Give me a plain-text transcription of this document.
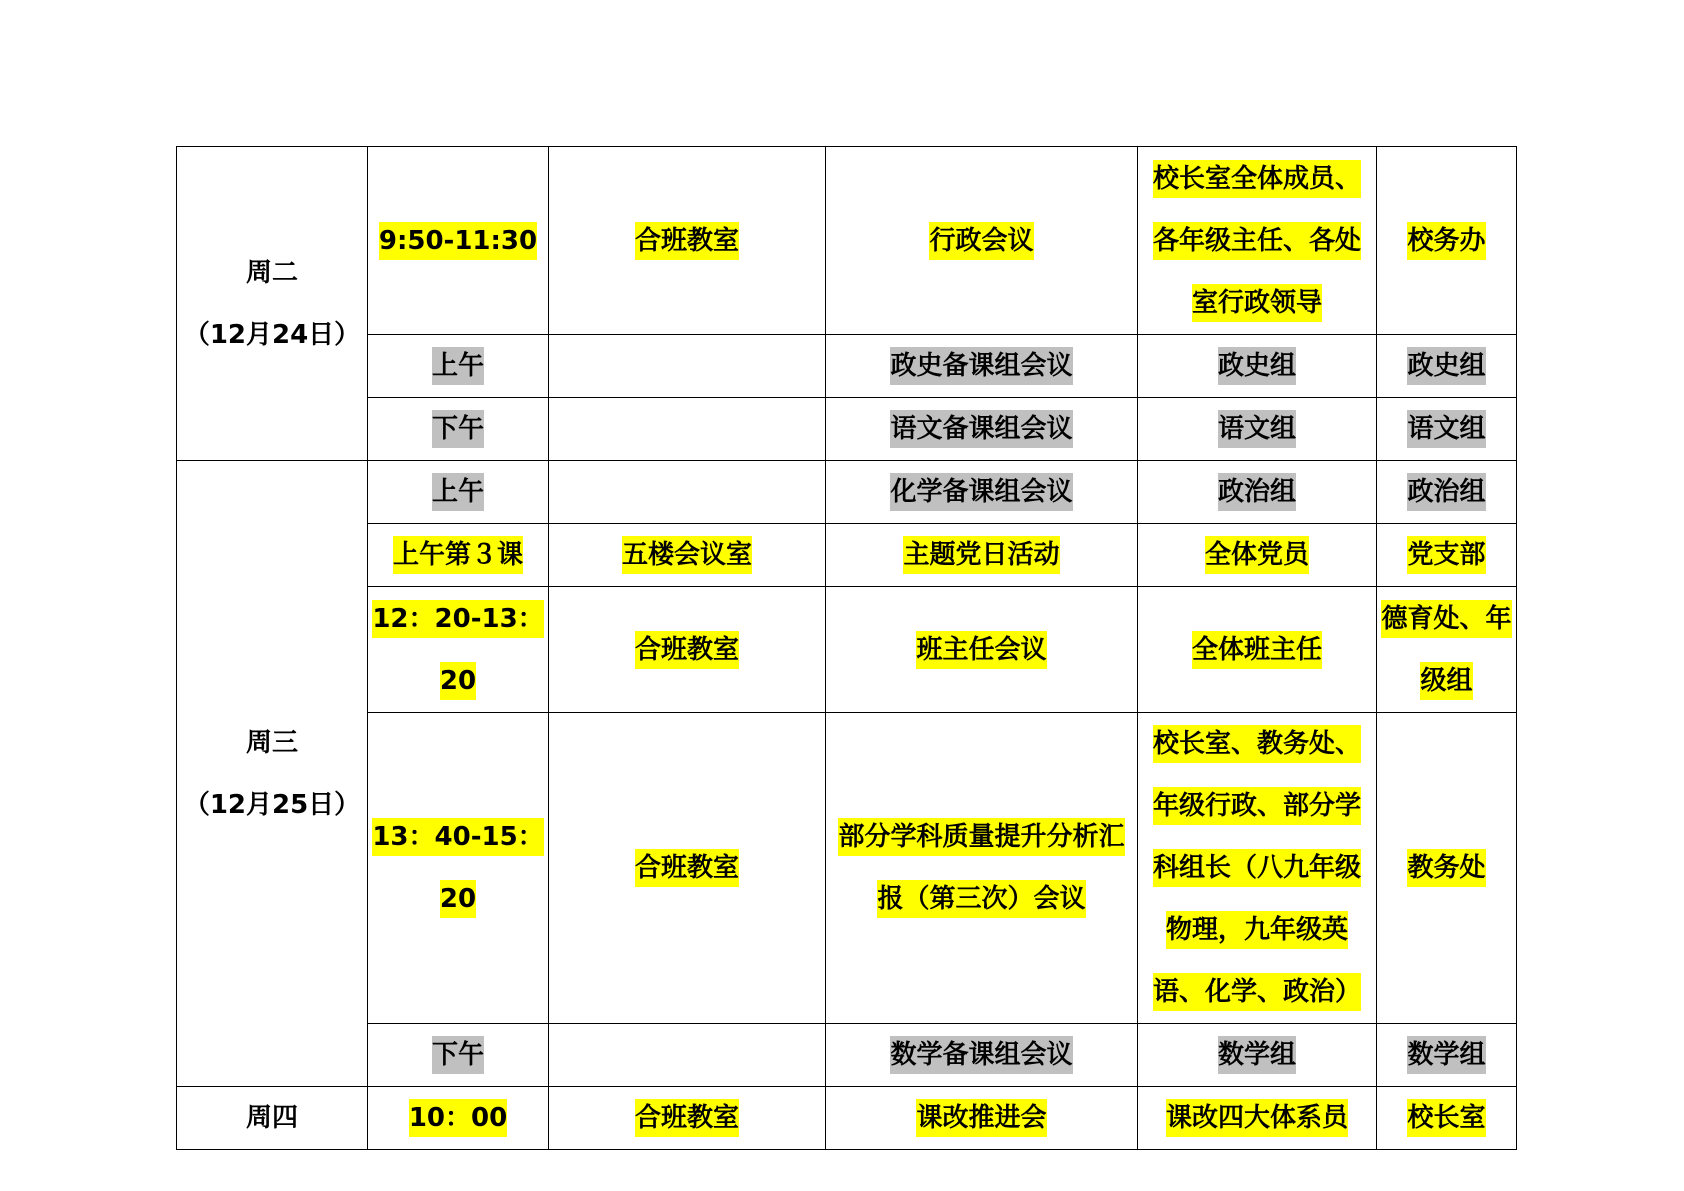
周二
（12月24日）	9:50-11:30	合班教室	行政会议	校长室全体成员、各年级主任、各处室行政领导	校务办
	上午		政史备课组会议	政史组	政史组
	下午		语文备课组会议	语文组	语文组

周三
（12月25日）	上午		化学备课组会议	政治组	政治组
	上午第３课	五楼会议室	主题党日活动	全体党员	党支部
	12：20-13：20	合班教室	班主任会议	全体班主任	德育处、年级组
	13：40-15：20	合班教室	部分学科质量提升分析汇报（第三次）会议	校长室、教务处、年级行政、部分学科组长（八九年级物理，九年级英语、化学、政治）	教务处
	下午		数学备课组会议	数学组	数学组

周四	10：00	合班教室	课改推进会	课改四大体系员	校长室
